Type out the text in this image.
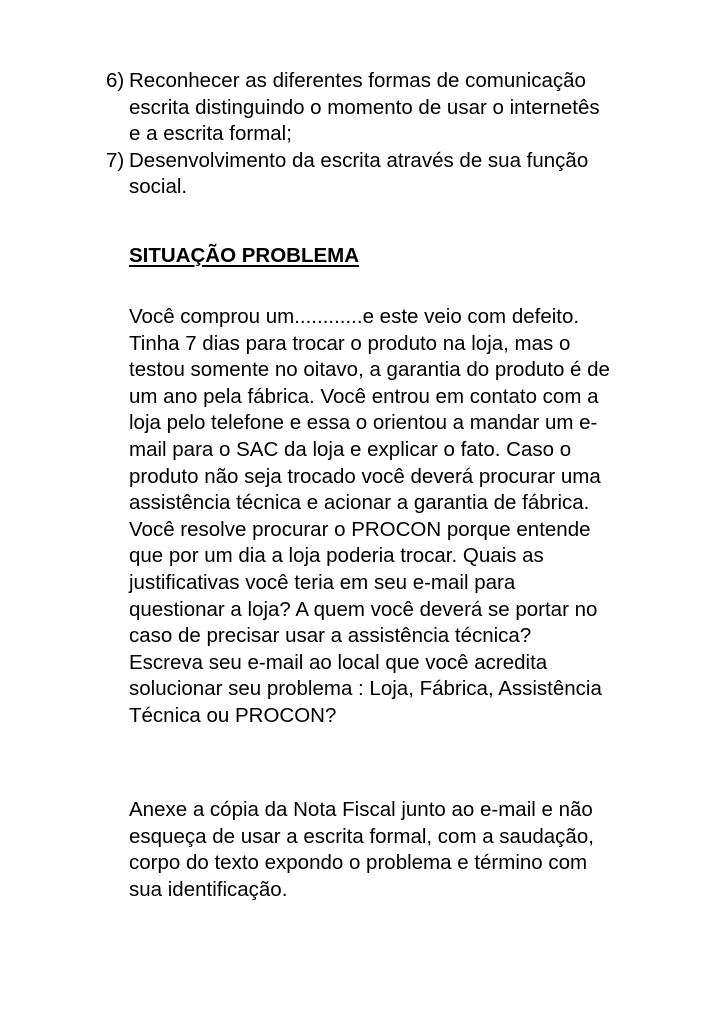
6) Reconhecer as diferentes formas de comunicação
escrita distinguindo o momento de usar o internetês
e a escrita formal;
7) Desenvolvimento da escrita através de sua função
social.
SITUAÇÃO PROBLEMA

Você comprou um............e este veio com defeito.
Tinha 7 dias para trocar o produto na loja, mas o
testou somente no oitavo, a garantia do produto é de
um ano pela fábrica. Você entrou em contato com a
loja pelo telefone e essa o orientou a mandar um e-
mail para o SAC da loja e explicar o fato. Caso o
produto não seja trocado você deverá procurar uma
assistência técnica e acionar a garantia de fábrica.
Você resolve procurar o PROCON porque entende
que por um dia a loja poderia trocar. Quais as
justificativas você teria em seu e-mail para
questionar a loja? A quem você deverá se portar no
caso de precisar usar a assistência técnica?
Escreva seu e-mail ao local que você acredita
solucionar seu problema : Loja, Fábrica, Assistência
Técnica ou PROCON?

Anexe a cópia da Nota Fiscal junto ao e-mail e não
esqueça de usar a escrita formal, com a saudação,
corpo do texto expondo o problema e término com
sua identificação.
